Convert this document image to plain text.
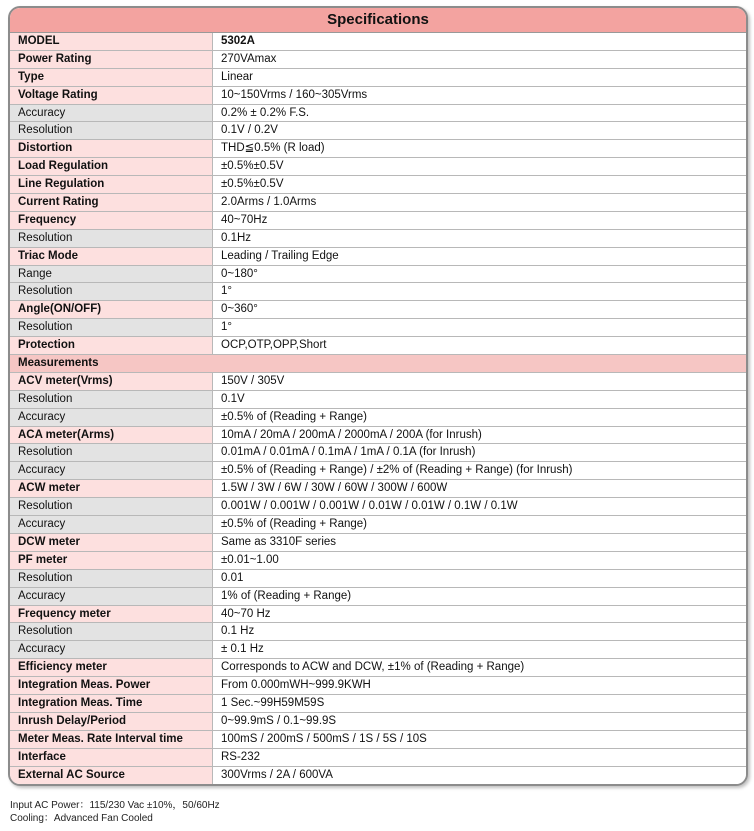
Specifications
MODEL	5302A
Power Rating	270VAmax
Type	Linear
Voltage Rating	10~150Vrms / 160~305Vrms
Accuracy	0.2% ± 0.2% F.S.
Resolution	0.1V / 0.2V
Distortion	THD≦0.5% (R load)
Load Regulation	±0.5%±0.5V
Line Regulation	±0.5%±0.5V
Current Rating	2.0Arms / 1.0Arms
Frequency	40~70Hz
Resolution	0.1Hz
Triac Mode	Leading / Trailing Edge
Range	0~180°
Resolution	1°
Angle(ON/OFF)	0~360°
Resolution	1°
Protection	OCP,OTP,OPP,Short
Measurements
ACV meter(Vrms)	150V / 305V
Resolution	0.1V
Accuracy	±0.5% of (Reading + Range)
ACA meter(Arms)	10mA / 20mA / 200mA / 2000mA / 200A (for Inrush)
Resolution	0.01mA / 0.01mA / 0.1mA / 1mA / 0.1A (for Inrush)
Accuracy	±0.5% of (Reading + Range) / ±2% of (Reading + Range) (for Inrush)
ACW meter	1.5W / 3W / 6W / 30W / 60W / 300W / 600W
Resolution	0.001W / 0.001W / 0.001W / 0.01W / 0.01W / 0.1W / 0.1W
Accuracy	±0.5% of (Reading + Range)
DCW meter	Same as 3310F series
PF meter	±0.01~1.00
Resolution	0.01
Accuracy	1% of (Reading + Range)
Frequency meter	40~70 Hz
Resolution	0.1 Hz
Accuracy	± 0.1 Hz
Efficiency meter	Corresponds to ACW and DCW, ±1% of (Reading + Range)
Integration Meas. Power	From 0.000mWH~999.9KWH
Integration Meas. Time	1 Sec.~99H59M59S
Inrush Delay/Period	0~99.9mS / 0.1~99.9S
Meter Meas. Rate Interval time	100mS / 200mS / 500mS / 1S / 5S / 10S
Interface	RS-232
External AC Source	300Vrms / 2A / 600VA
Input AC Power：115/230 Vac ±10%，50/60Hz
Cooling：Advanced Fan Cooled
